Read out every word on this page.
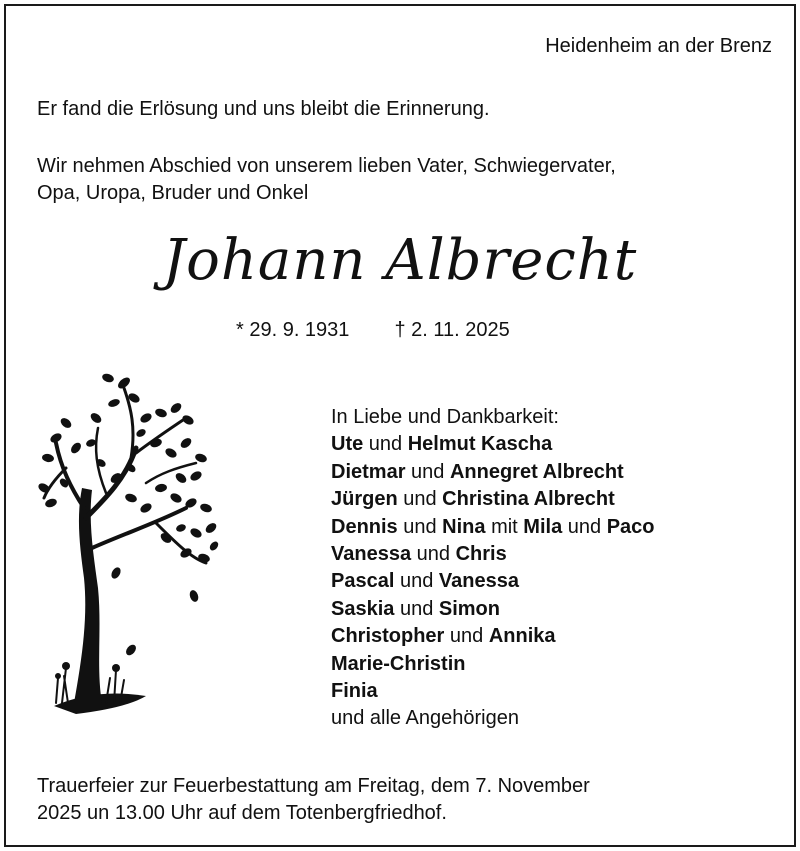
Heidenheim an der Brenz
Er fand die Erlösung und uns bleibt die Erinnerung.
Wir nehmen Abschied von unserem lieben Vater, Schwiegervater,
Opa, Uropa, Bruder und Onkel
Johann Albrecht
* 29. 9. 1931 † 2. 11. 2025
In Liebe und Dankbarkeit:
Ute und Helmut Kascha
Dietmar und Annegret Albrecht
Jürgen und Christina Albrecht
Dennis und Nina mit Mila und Paco
Vanessa und Chris
Pascal und Vanessa
Saskia und Simon
Christopher und Annika
Marie-Christin
Finia
und alle Angehörigen
Trauerfeier zur Feuerbestattung am Freitag, dem 7. November
2025 un 13.00 Uhr auf dem Totenbergfriedhof.
